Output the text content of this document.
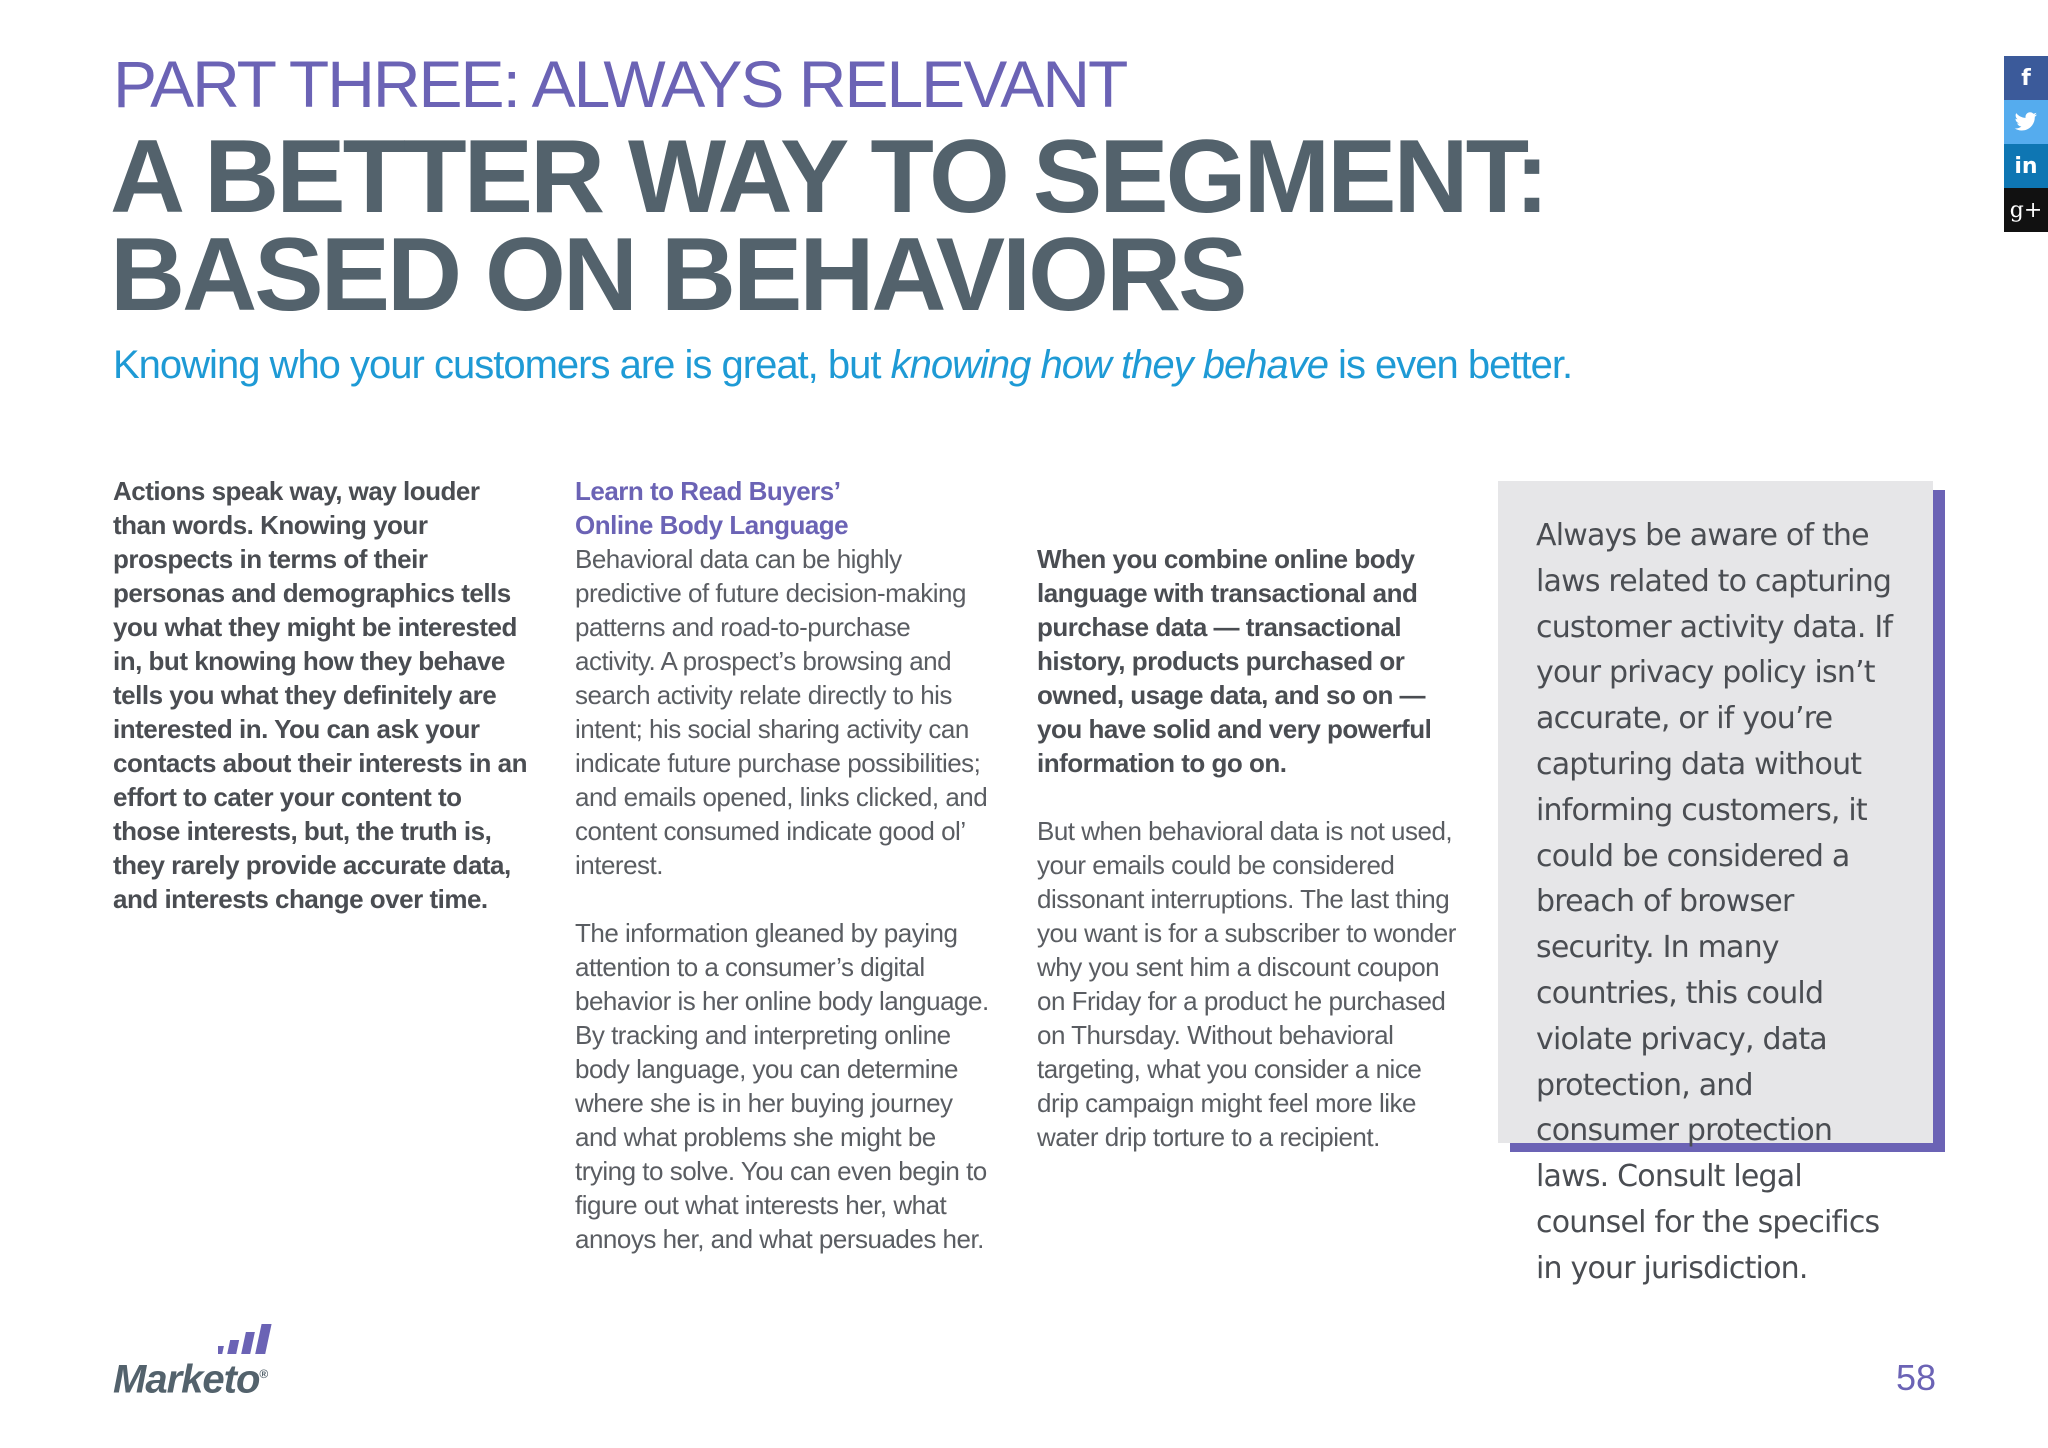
PART THREE: ALWAYS RELEVANT
A BETTER WAY TO SEGMENT:
BASED ON BEHAVIORS
Knowing who your customers are is great, but knowing how they behave is even better.
f
in
g+

Actions speak way, way louder than words. Knowing your prospects in terms of their personas and demographics tells you what they might be interested in, but knowing how they behave tells you what they definitely are interested in. You can ask your contacts about their interests in an effort to cater your content to those interests, but, the truth is, they rarely provide accurate data, and interests change over time.

Learn to Read Buyers’
Online Body Language

Behavioral data can be highly predictive of future decision-making patterns and road-to-purchase activity. A prospect’s browsing and search activity relate directly to his intent; his social sharing activity can indicate future purchase possibilities; and emails opened, links clicked, and content consumed indicate good ol’ interest.

The information gleaned by paying attention to a consumer’s digital behavior is her online body language. By tracking and interpreting online body language, you can determine where she is in her buying journey and what problems she might be trying to solve. You can even begin to figure out what interests her, what annoys her, and what persuades her.

When you combine online body language with transactional and purchase data — transactional history, products purchased or owned, usage data, and so on — you have solid and very powerful information to go on.

But when behavioral data is not used, your emails could be considered dissonant interruptions. The last thing you want is for a subscriber to wonder why you sent him a discount coupon on Friday for a product he purchased on Thursday. Without behavioral targeting, what you consider a nice drip campaign might feel more like water drip torture to a recipient.

Always be aware of the laws related to capturing customer activity data. If your privacy policy isn’t accurate, or if you’re capturing data without informing customers, it could be considered a breach of browser security. In many countries, this could violate privacy, data protection, and consumer protection laws. Consult legal counsel for the specifics in your jurisdiction.
Marketo®	58
